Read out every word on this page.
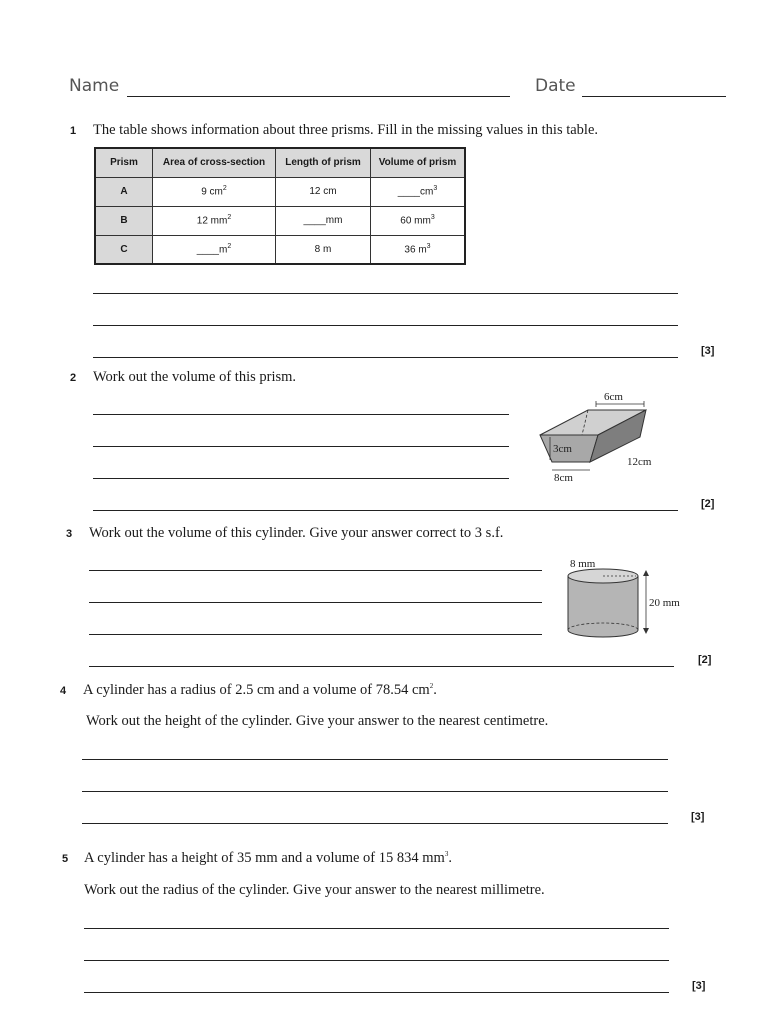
Name	Date
1 The table shows information about three prisms. Fill in the missing values in this table.
Prism	Area of cross-section	Length of prism	Volume of prism
A	9 $cm^2$	12 cm	$\_\_\_\_cm^3$
B	12 $mm^2$	____mm	60 $mm^3$
C	$\_\_\_\_m^2$	8 m	36 $m^3$
[3]
2 Work out the volume of this prism.
6cm
3cm
12cm
8cm
[2]
3 Work out the volume of this cylinder. Give your answer correct to 3 s.f.
8 mm
20 mm
[2]
4 A cylinder has a radius of 2.5 cm and a volume of 78.54 $cm^2$.
Work out the height of the cylinder. Give your answer to the nearest centimetre.
[3]
5 A cylinder has a height of 35 mm and a volume of 15 834 $mm^3$.
Work out the radius of the cylinder. Give your answer to the nearest millimetre.
[3]
